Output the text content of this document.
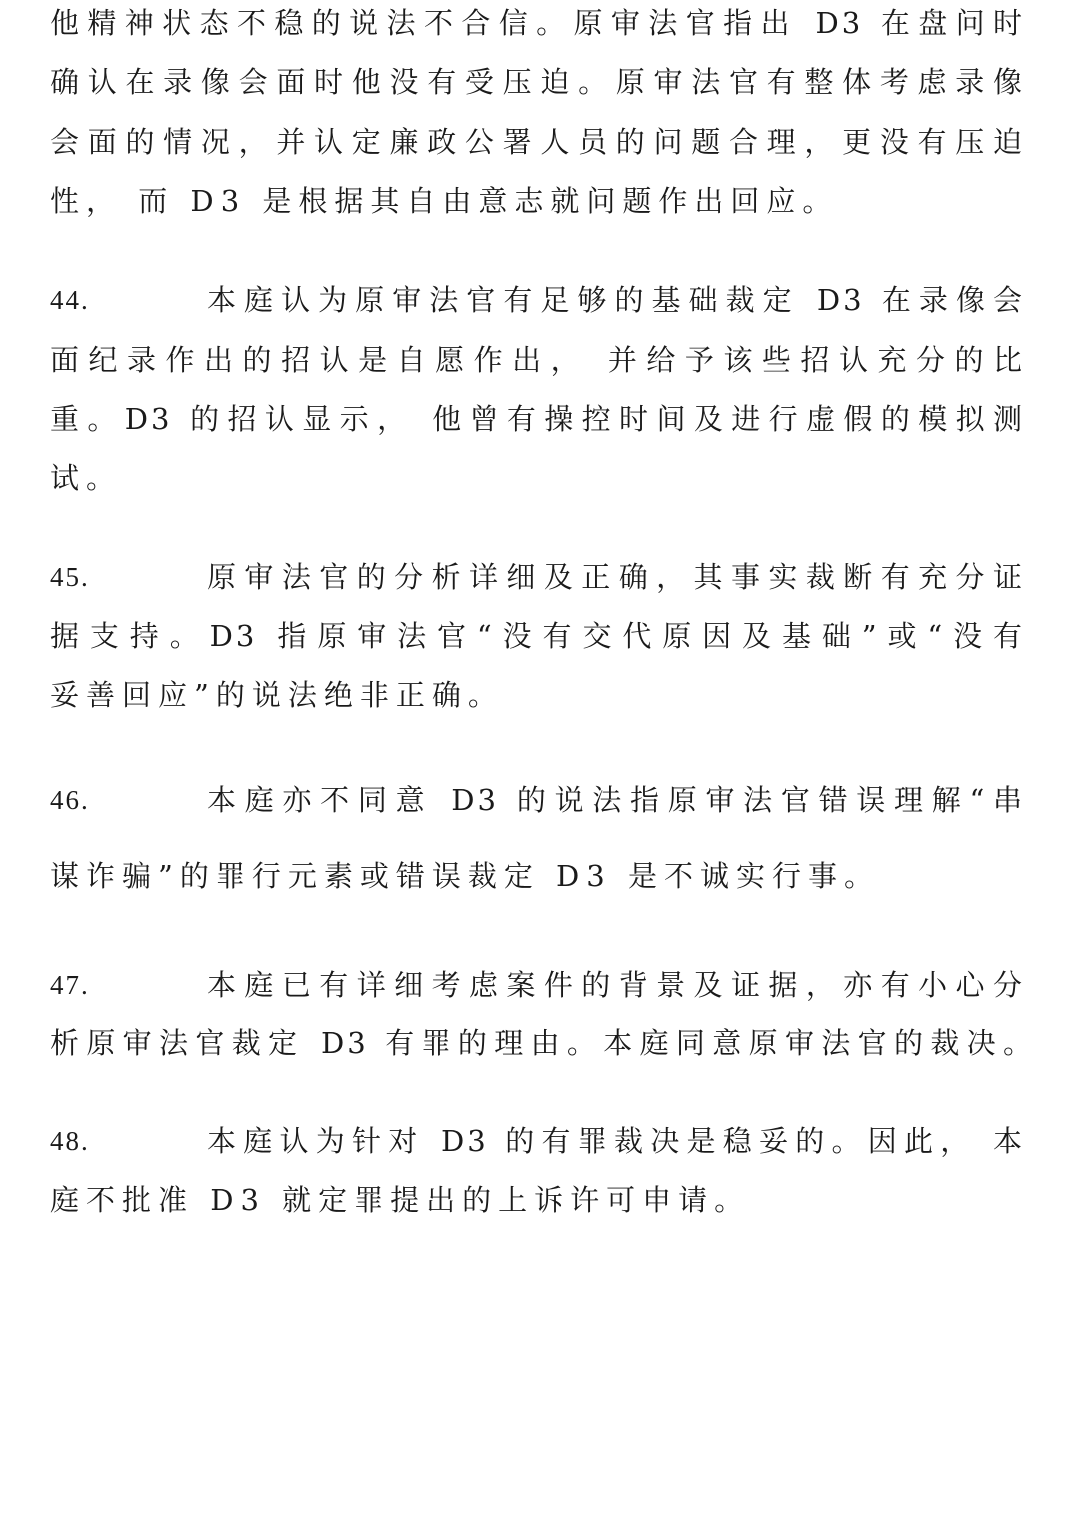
他精神状态不稳的说法不合信。原审法官指出 D3 在盘问时
确认在录像会面时他没有受压迫。原审法官有整体考虑录像
会面的情况，并认定廉政公署人员的问题合理，更没有压迫
性， 而 D3 是根据其自由意志就问题作出回应。
44.	本庭认为原审法官有足够的基础裁定 D3 在录像会
面纪录作出的招认是自愿作出， 并给予该些招认充分的比
重。D3 的招认显示， 他曾有操控时间及进行虚假的模拟测
试。
45.	原审法官的分析详细及正确，其事实裁断有充分证
据支持。D3 指原审法官“没有交代原因及基础”或“没有
妥善回应”的说法绝非正确。
46.	本庭亦不同意 D3 的说法指原审法官错误理解“串
谋诈骗”的罪行元素或错误裁定 D3 是不诚实行事。
47.	本庭已有详细考虑案件的背景及证据，亦有小心分
析原审法官裁定 D3 有罪的理由。本庭同意原审法官的裁决。
48.	本庭认为针对 D3 的有罪裁决是稳妥的。因此， 本
庭不批准 D3 就定罪提出的上诉许可申请。
